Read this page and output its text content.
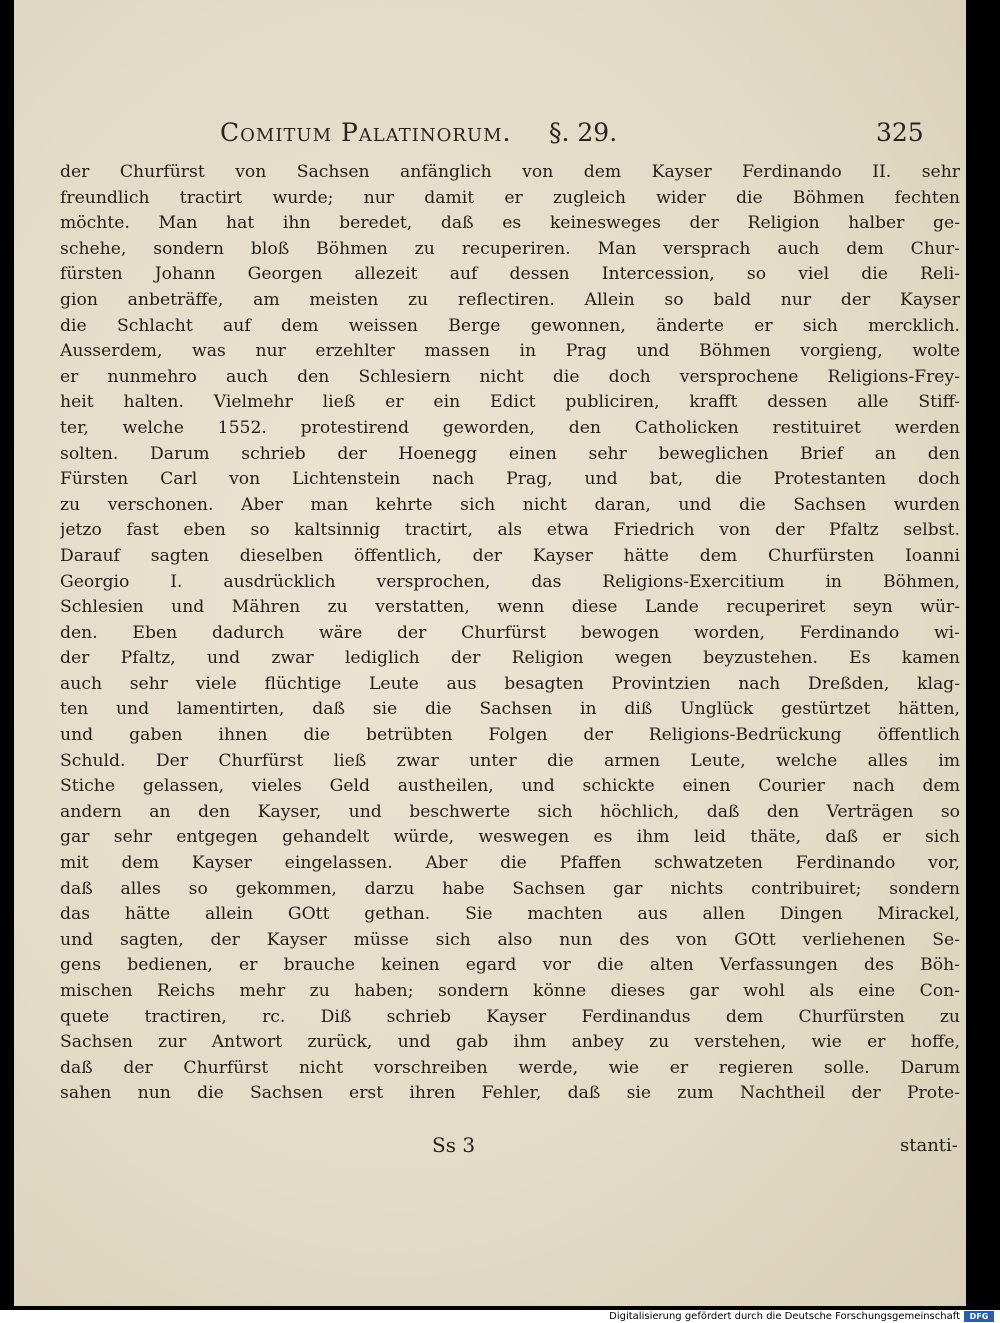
Comitum Palatinorum. §. 29.	325
der Churfürst von Sachsen anfänglich von dem Kayser Ferdinando II. sehr
freundlich tractirt wurde; nur damit er zugleich wider die Böhmen fechten
möchte. Man hat ihn beredet, daß es keinesweges der Religion halber ge-
schehe, sondern bloß Böhmen zu recuperiren. Man versprach auch dem Chur-
fürsten Johann Georgen allezeit auf dessen Intercession, so viel die Reli-
gion anbeträffe, am meisten zu reflectiren. Allein so bald nur der Kayser
die Schlacht auf dem weissen Berge gewonnen, änderte er sich mercklich.
Ausserdem, was nur erzehlter massen in Prag und Böhmen vorgieng, wolte
er nunmehro auch den Schlesiern nicht die doch versprochene Religions-Frey-
heit halten. Vielmehr ließ er ein Edict publiciren, krafft dessen alle Stiff-
ter, welche 1552. protestirend geworden, den Catholicken restituiret werden
solten. Darum schrieb der Hoenegg einen sehr beweglichen Brief an den
Fürsten Carl von Lichtenstein nach Prag, und bat, die Protestanten doch
zu verschonen. Aber man kehrte sich nicht daran, und die Sachsen wurden
jetzo fast eben so kaltsinnig tractirt, als etwa Friedrich von der Pfaltz selbst.
Darauf sagten dieselben öffentlich, der Kayser hätte dem Churfürsten Ioanni
Georgio I. ausdrücklich versprochen, das Religions-Exercitium in Böhmen,
Schlesien und Mähren zu verstatten, wenn diese Lande recuperiret seyn wür-
den. Eben dadurch wäre der Churfürst bewogen worden, Ferdinando wi-
der Pfaltz, und zwar lediglich der Religion wegen beyzustehen. Es kamen
auch sehr viele flüchtige Leute aus besagten Provintzien nach Dreßden, klag-
ten und lamentirten, daß sie die Sachsen in diß Unglück gestürtzet hätten,
und gaben ihnen die betrübten Folgen der Religions-Bedrückung öffentlich
Schuld. Der Churfürst ließ zwar unter die armen Leute, welche alles im
Stiche gelassen, vieles Geld austheilen, und schickte einen Courier nach dem
andern an den Kayser, und beschwerte sich höchlich, daß den Verträgen so
gar sehr entgegen gehandelt würde, weswegen es ihm leid thäte, daß er sich
mit dem Kayser eingelassen. Aber die Pfaffen schwatzeten Ferdinando vor,
daß alles so gekommen, darzu habe Sachsen gar nichts contribuiret; sondern
das hätte allein GOtt gethan. Sie machten aus allen Dingen Mirackel,
und sagten, der Kayser müsse sich also nun des von GOtt verliehenen Se-
gens bedienen, er brauche keinen egard vor die alten Verfassungen des Böh-
mischen Reichs mehr zu haben; sondern könne dieses gar wohl als eine Con-
quete tractiren, rc. Diß schrieb Kayser Ferdinandus dem Churfürsten zu
Sachsen zur Antwort zurück, und gab ihm anbey zu verstehen, wie er hoffe,
daß der Churfürst nicht vorschreiben werde, wie er regieren solle. Darum
sahen nun die Sachsen erst ihren Fehler, daß sie zum Nachtheil der Prote-
Ss 3	stanti-
Digitalisierung gefördert durch die Deutsche Forschungsgemeinschaft	DFG
